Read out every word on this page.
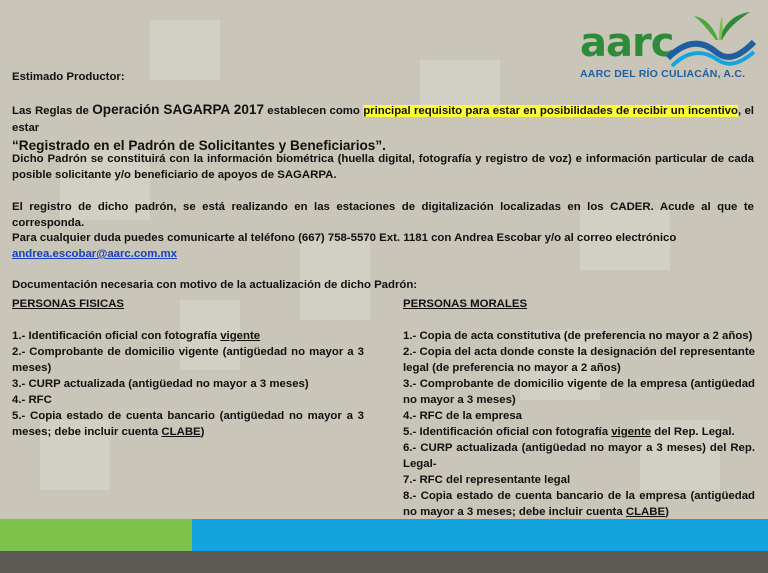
aarc
AARC DEL RÍO CULIACÁN, A.C.

Estimado Productor:

Las Reglas de Operación SAGARPA 2017 establecen como principal requisito para estar en posibilidades de recibir un incentivo, el estar

“Registrado en el Padrón de Solicitantes y Beneficiarios”.

Dicho Padrón se constituirá con la información biométrica (huella digital, fotografía y registro de voz) e información particular de cada posible solicitante y/o beneficiario de apoyos de SAGARPA.

El registro de dicho padrón, se está realizando en las estaciones de digitalización localizadas en los CADER. Acude al que te corresponda.

Para cualquier duda puedes comunicarte al teléfono (667) 758-5570 Ext. 1181 con Andrea Escobar y/o al correo electrónico

andrea.escobar@aarc.com.mx

Documentación necesaria con motivo de la actualización de dicho Padrón:

PERSONAS FISICAS

1.- Identificación oficial con fotografía vigente

2.- Comprobante de domicilio vigente (antigüedad no mayor a 3 meses)

3.- CURP actualizada (antigüedad no mayor a 3 meses)

4.- RFC

5.- Copia estado de cuenta bancario (antigüedad no mayor a 3 meses; debe incluir cuenta CLABE)

PERSONAS MORALES

1.- Copia de acta constitutiva (de preferencia no mayor a 2 años)

2.- Copia del acta donde conste la designación del representante legal (de preferencia no mayor a 2 años)

3.- Comprobante de domicilio vigente de la empresa (antigüedad no mayor a 3 meses)

4.- RFC de la empresa

5.- Identificación oficial con fotografía vigente del Rep. Legal.

6.- CURP actualizada (antigüedad no mayor a 3 meses) del Rep. Legal-

7.- RFC del representante legal

8.- Copia estado de cuenta bancario de la empresa (antigüedad no mayor a 3 meses; debe incluir cuenta CLABE)
